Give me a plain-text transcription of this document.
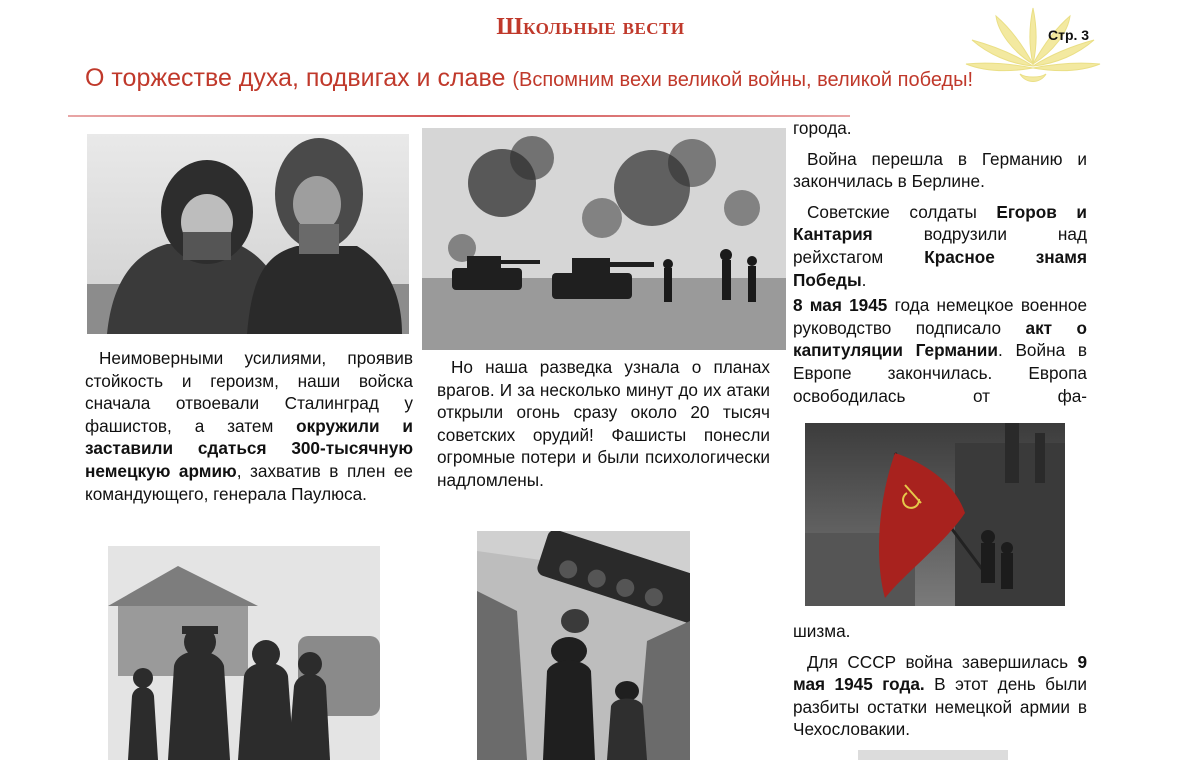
Школьные вести	Стр. 3
О торжестве духа, подвигах и славе (Вспомним вехи великой войны, великой победы!

Неимоверными усилиями, проявив стойкость и героизм, наши войска сначала отвоевали Сталинград у фашистов, а затем окружили и заставили сдаться 300-тысячную немецкую армию, захватив в плен ее командующего, генерала Паулюса.

Но наша разведка узнала о планах врагов. И за несколько минут до их атаки открыли огонь сразу около 20 тысяч советских орудий! Фашисты понесли огромные потери и были психологически надломлены.

города.

Война перешла в Германию и закончилась в Берлине.

Советские солдаты Егоров и Кантария водрузили над рейхстагом Красное знамя Победы.

8 мая 1945 года немецкое военное руководство подписало акт о капитуляции Германии. Война в Европе закончилась. Европа освободилась от фа-

шизма.

Для СССР война завершилась 9 мая 1945 года. В этот день были разбиты остатки немецкой армии в Чехословакии.
